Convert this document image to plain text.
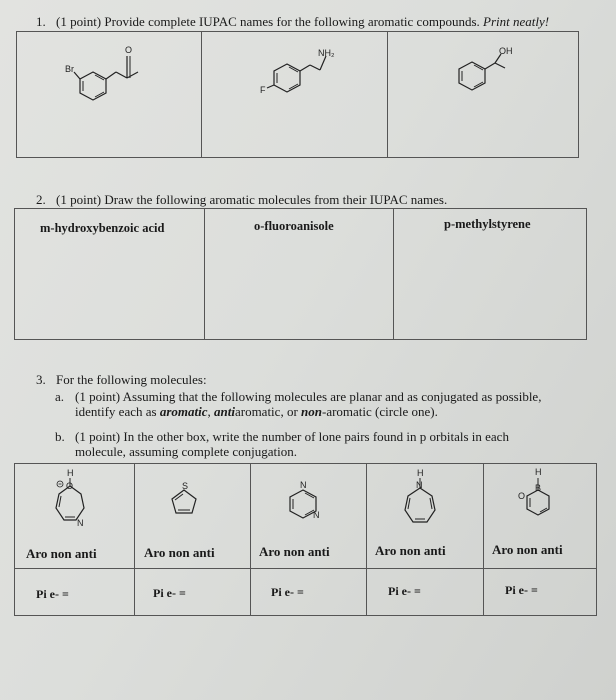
1. (1 point) Provide complete IUPAC names for the following aromatic compounds. Print neatly!
Br
O	NH₂
F
OH
2. (1 point) Draw the following aromatic molecules from their IUPAC names.
m-hydroxybenzoic acid	o-fluoroanisole	p-methylstyrene
3. For the following molecules:
a. (1 point) Assuming that the following molecules are planar and as conjugated as possible,
identify each as aromatic, antiaromatic, or non-aromatic (circle one).
b. (1 point) In the other box, write the number of lone pairs found in p orbitals in each
molecule, assuming complete conjugation.
H
O
N
S	N
N
H
N
H
B
O
Aro non anti	Aro non anti	Aro non anti	Aro non anti	Aro non anti
Pi e- =	Pi e- =	Pi e- =	Pi e- =	Pi e- =
